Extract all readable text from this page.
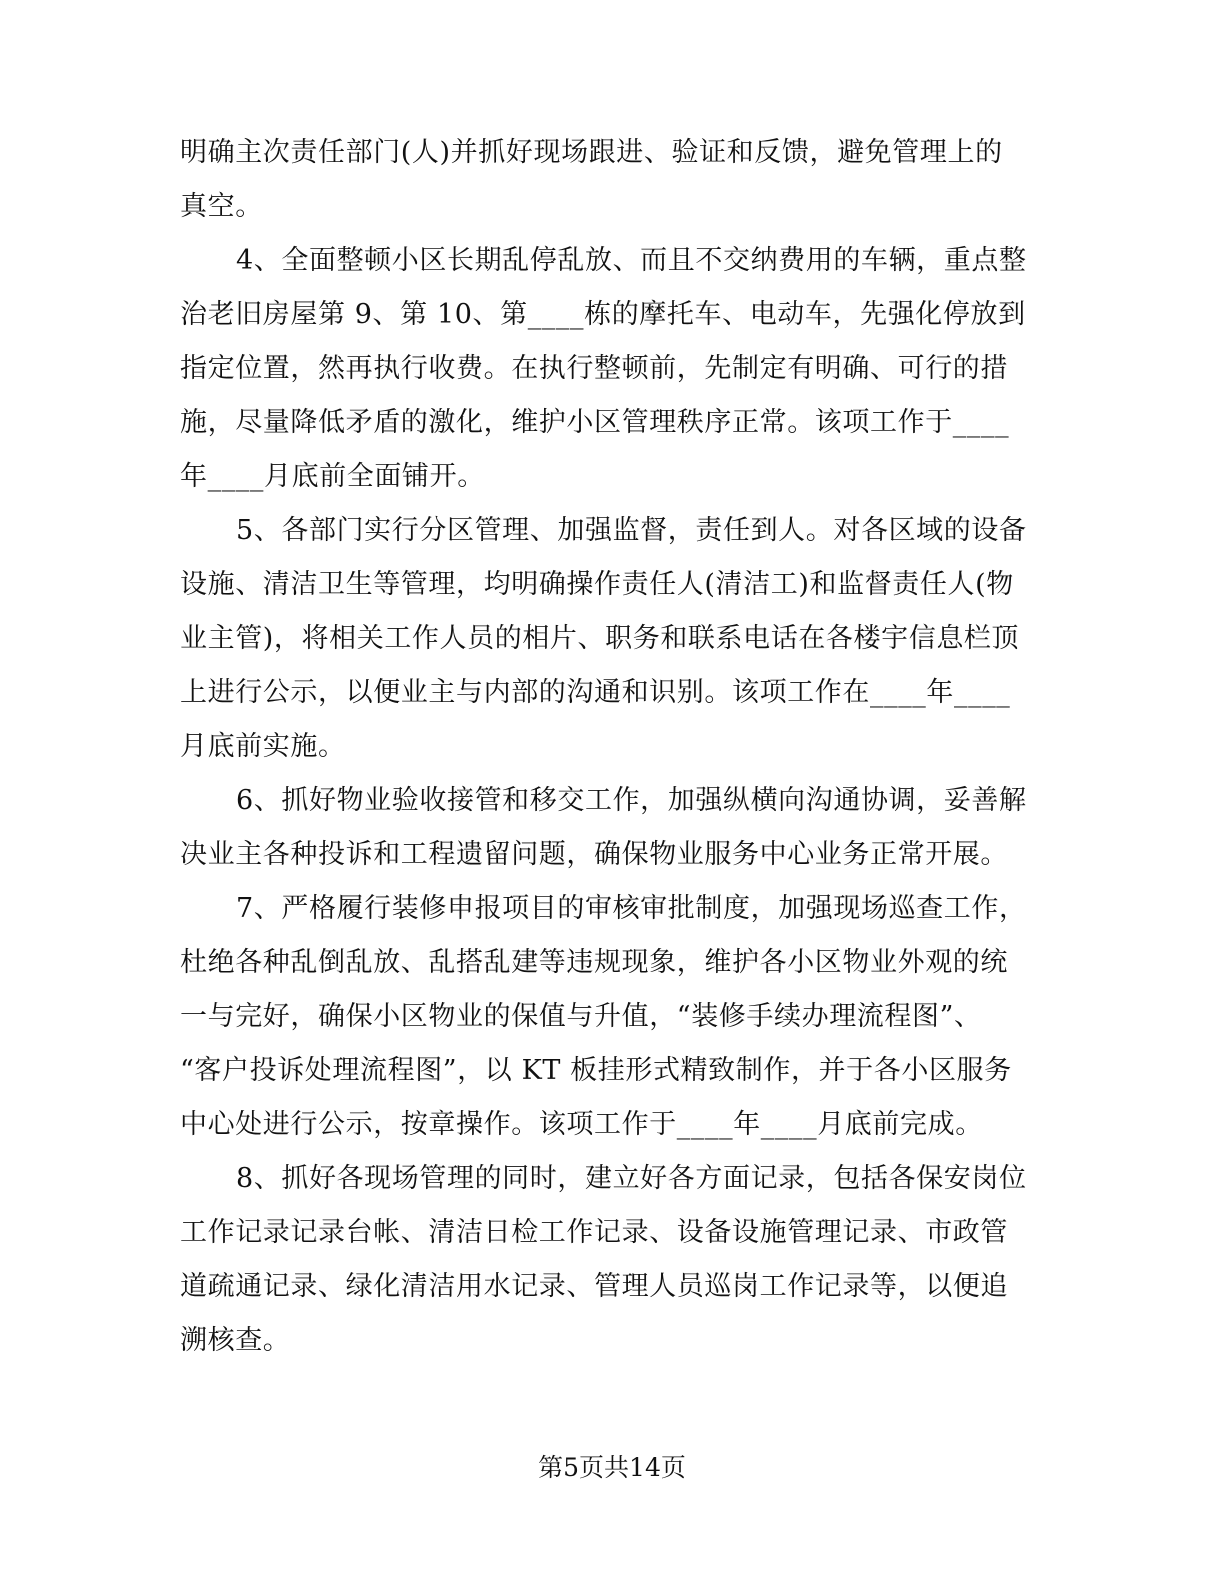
明确主次责任部门(人)并抓好现场跟进、验证和反馈，避免管理上的
真空。
4、全面整顿小区长期乱停乱放、而且不交纳费用的车辆，重点整
治老旧房屋第 9、第 10、第____栋的摩托车、电动车，先强化停放到
指定位置，然再执行收费。在执行整顿前，先制定有明确、可行的措
施，尽量降低矛盾的激化，维护小区管理秩序正常。该项工作于____
年____月底前全面铺开。
5、各部门实行分区管理、加强监督，责任到人。对各区域的设备
设施、清洁卫生等管理，均明确操作责任人(清洁工)和监督责任人(物
业主管)，将相关工作人员的相片、职务和联系电话在各楼宇信息栏顶
上进行公示，以便业主与内部的沟通和识别。该项工作在____年____
月底前实施。
6、抓好物业验收接管和移交工作，加强纵横向沟通协调，妥善解
决业主各种投诉和工程遗留问题，确保物业服务中心业务正常开展。
7、严格履行装修申报项目的审核审批制度，加强现场巡查工作，
杜绝各种乱倒乱放、乱搭乱建等违规现象，维护各小区物业外观的统
一与完好，确保小区物业的保值与升值，“装修手续办理流程图”、
“客户投诉处理流程图”，以 KT 板挂形式精致制作，并于各小区服务
中心处进行公示，按章操作。该项工作于____年____月底前完成。
8、抓好各现场管理的同时，建立好各方面记录，包括各保安岗位
工作记录记录台帐、清洁日检工作记录、设备设施管理记录、市政管
道疏通记录、绿化清洁用水记录、管理人员巡岗工作记录等，以便追
溯核查。
第5页共14页
